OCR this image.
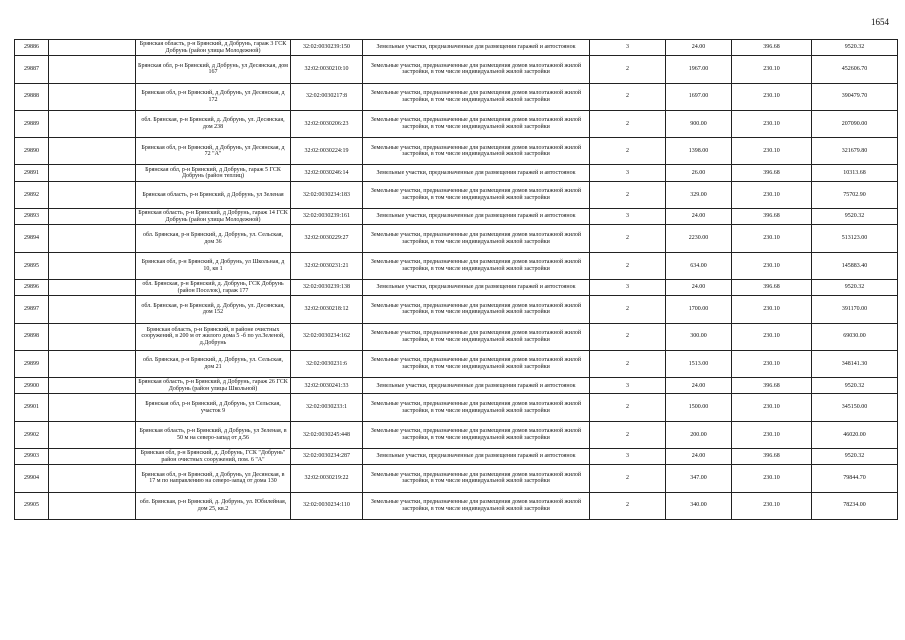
1654
29886		Брянская область, р-н Брянский, д Добрунь, гараж 3 ГСК Добрунь (район улицы Молодежной)	32:02:0030239:150	Земельные участки, предназначенные для размещения гаражей и автостоянок	3	24.00	396.68	9520.32
29887		Брянская обл, р-н Брянский, д Добрунь, ул Десянская, дом 167	32:02:0030210:10	Земельные участки, предназначенные для размещения домов малоэтажной жилой застройки, в том числе индивидуальной жилой застройки	2	1967.00	230.10	452606.70
29888		Брянская обл, р-н Брянский, д Добрунь, ул Десянская, д 172	32:02:0030217:8	Земельные участки, предназначенные для размещения домов малоэтажной жилой застройки, в том числе индивидуальной жилой застройки	2	1697.00	230.10	390479.70
29889		обл. Брянская, р-н Брянский, д. Добрунь, ул. Десянская, дом 238	32:02:0030206:23	Земельные участки, предназначенные для размещения домов малоэтажной жилой застройки, в том числе индивидуальной жилой застройки	2	900.00	230.10	207090.00
29890		Брянская обл, р-н Брянский, д Добрунь, ул Десянская, д 72 "А"	32:02:0030224:19	Земельные участки, предназначенные для размещения домов малоэтажной жилой застройки, в том числе индивидуальной жилой застройки	2	1398.00	230.10	321679.80
29891		Брянская обл, р-н Брянский, д Добрунь, гараж 5 ГСК Добрунь (район теплиц)	32:02:0030246:14	Земельные участки, предназначенные для размещения гаражей и автостоянок	3	26.00	396.68	10313.68
29892		Брянская область, р-н Брянский, д Добрунь, ул Зеленая	32:02:0030234:183	Земельные участки, предназначенные для размещения домов малоэтажной жилой застройки, в том числе индивидуальной жилой застройки	2	329.00	230.10	75702.90
29893		Брянская область, р-н Брянский, д Добрунь, гараж 14 ГСК Добрунь (район улицы Молодежной)	32:02:0030239:161	Земельные участки, предназначенные для размещения гаражей и автостоянок	3	24.00	396.68	9520.32
29894		обл. Брянская, р-н Брянский, д. Добрунь, ул. Сельская, дом 36	32:02:0030229:27	Земельные участки, предназначенные для размещения домов малоэтажной жилой застройки, в том числе индивидуальной жилой застройки	2	2230.00	230.10	513123.00
29895		Брянская обл, р-н Брянский, д Добрунь, ул Школьная, д 10, кв 1	32:02:0030231:21	Земельные участки, предназначенные для размещения домов малоэтажной жилой застройки, в том числе индивидуальной жилой застройки	2	634.00	230.10	145883.40
29896		обл. Брянская, р-н Брянский, д. Добрунь, ГСК Добрунь (район Поселок), гараж 177	32:02:0030239:138	Земельные участки, предназначенные для размещения гаражей и автостоянок	3	24.00	396.68	9520.32
29897		обл. Брянская, р-н Брянский, д. Добрунь, ул. Десянская, дом 152	32:02:0030218:12	Земельные участки, предназначенные для размещения домов малоэтажной жилой застройки, в том числе индивидуальной жилой застройки	2	1700.00	230.10	391170.00
29898		Брянская область, р-н Брянский, в районе очистных сооружений, в 200 м от жилого дома 5 -б по ул.Зеленой, д.Добрунь	32:02:0030234:162	Земельные участки, предназначенные для размещения домов малоэтажной жилой застройки, в том числе индивидуальной жилой застройки	2	300.00	230.10	69030.00
29899		обл. Брянская, р-н Брянский, д. Добрунь, ул. Сельская, дом 21	32:02:0030231:6	Земельные участки, предназначенные для размещения домов малоэтажной жилой застройки, в том числе индивидуальной жилой застройки	2	1513.00	230.10	348141.30
29900		Брянская область, р-н Брянский, д Добрунь, гараж 26 ГСК Добрунь (район улицы Школьной)	32:02:0030241:33	Земельные участки, предназначенные для размещения гаражей и автостоянок	3	24.00	396.68	9520.32
29901		Брянская обл, р-н Брянский, д Добрунь, ул Сельская, участок 9	32:02:0030233:1	Земельные участки, предназначенные для размещения домов малоэтажной жилой застройки, в том числе индивидуальной жилой застройки	2	1500.00	230.10	345150.00
29902		Брянская область, р-н Брянский, д Добрунь, ул Зеленая, в 50 м на северо-запад от д.56	32:02:0030245:448	Земельные участки, предназначенные для размещения домов малоэтажной жилой застройки, в том числе индивидуальной жилой застройки	2	200.00	230.10	46020.00
29903		Брянская обл, р-н Брянский, д. Добрунь, ГСК "Добрунь" район очистных сооружений, пом. 6 "А"	32:02:0030234:287	Земельные участки, предназначенные для размещения гаражей и автостоянок	3	24.00	396.68	9520.32
29904		Брянская обл, р-н Брянский, д Добрунь, ул Десянская, в 17 м по направлению на северо-запад от дома 130	32:02:0030219:22	Земельные участки, предназначенные для размещения домов малоэтажной жилой застройки, в том числе индивидуальной жилой застройки	2	347.00	230.10	79844.70
29905		обл. Брянская, р-н Брянский, д. Добрунь, ул. Юбилейная, дом 25, кв.2	32:02:0030234:110	Земельные участки, предназначенные для размещения домов малоэтажной жилой застройки, в том числе индивидуальной жилой застройки	2	340.00	230.10	78234.00
